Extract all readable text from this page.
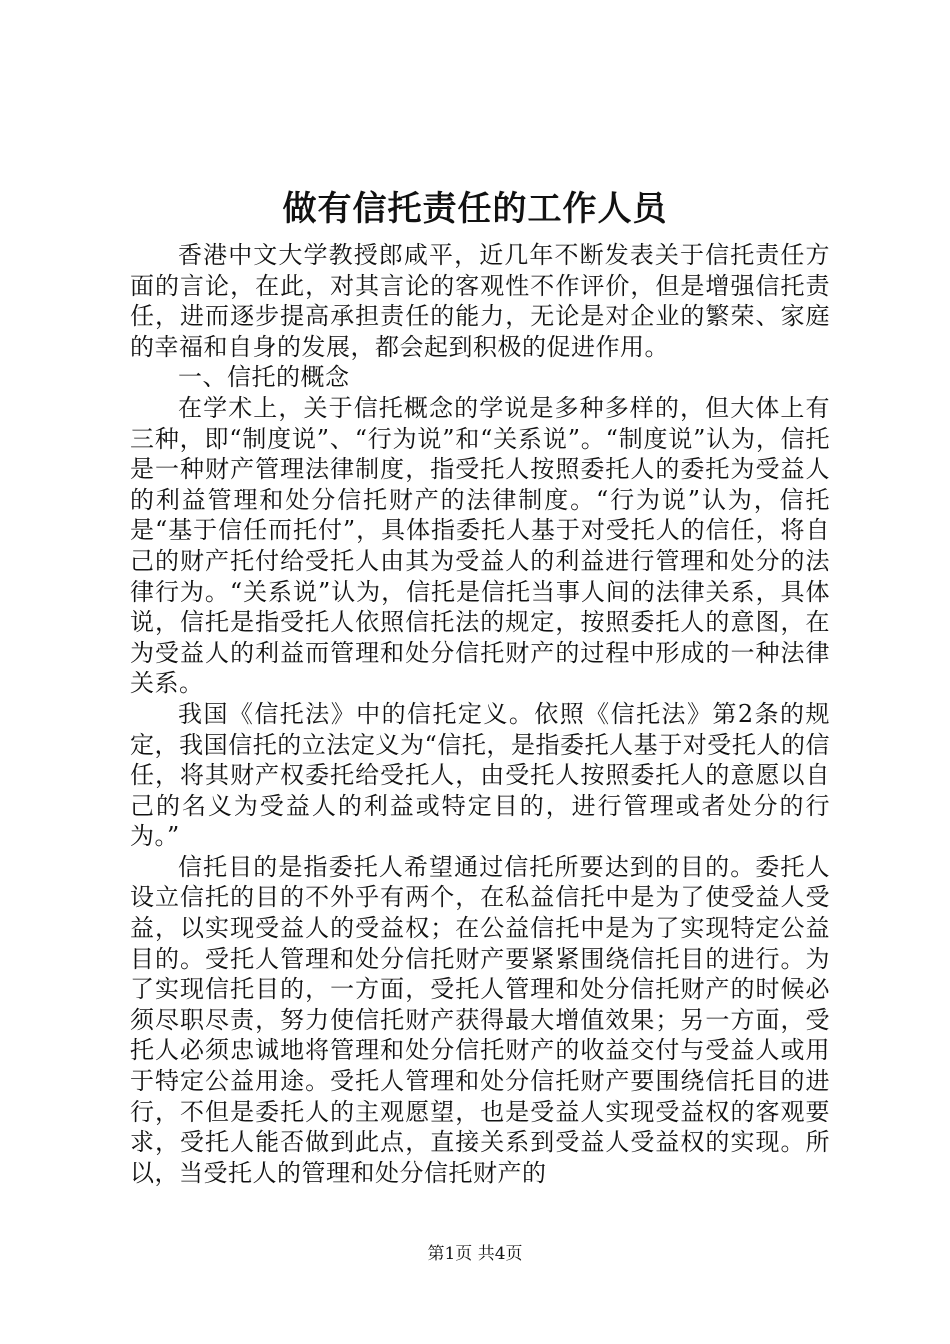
做有信托责任的工作人员

香港中文大学教授郎咸平，近几年不断发表关于信托责任方面的言论，在此，对其言论的客观性不作评价，但是增强信托责任，进而逐步提高承担责任的能力，无论是对企业的繁荣、家庭的幸福和自身的发展，都会起到积极的促进作用。

一、信托的概念

在学术上，关于信托概念的学说是多种多样的，但大体上有三种，即“制度说”、“行为说”和“关系说”。“制度说”认为，信托是一种财产管理法律制度，指受托人按照委托人的委托为受益人的利益管理和处分信托财产的法律制度。“行为说”认为，信托是“基于信任而托付”，具体指委托人基于对受托人的信任，将自己的财产托付给受托人由其为受益人的利益进行管理和处分的法律行为。“关系说”认为，信托是信托当事人间的法律关系，具体说，信托是指受托人依照信托法的规定，按照委托人的意图，在为受益人的利益而管理和处分信托财产的过程中形成的一种法律关系。

我国《信托法》中的信托定义。依照《信托法》第2条的规定，我国信托的立法定义为“信托，是指委托人基于对受托人的信任，将其财产权委托给受托人，由受托人按照委托人的意愿以自己的名义为受益人的利益或特定目的，进行管理或者处分的行为。”

信托目的是指委托人希望通过信托所要达到的目的。委托人设立信托的目的不外乎有两个，在私益信托中是为了使受益人受益，以实现受益人的受益权；在公益信托中是为了实现特定公益目的。受托人管理和处分信托财产要紧紧围绕信托目的进行。为了实现信托目的，一方面，受托人管理和处分信托财产的时候必须尽职尽责，努力使信托财产获得最大增值效果；另一方面，受托人必须忠诚地将管理和处分信托财产的收益交付与受益人或用于特定公益用途。受托人管理和处分信托财产要围绕信托目的进行，不但是委托人的主观愿望，也是受益人实现受益权的客观要求，受托人能否做到此点，直接关系到受益人受益权的实现。所以，当受托人的管理和处分信托财产的

第1页 共4页
